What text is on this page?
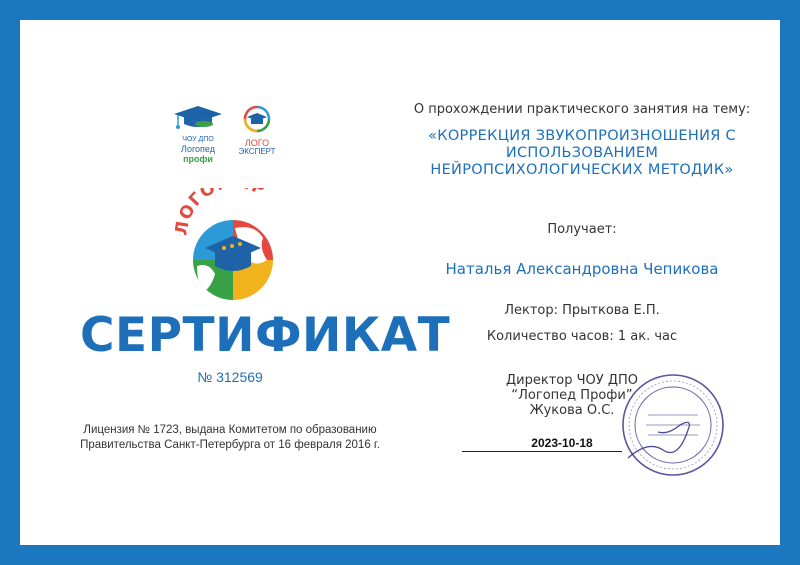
ЧОУ ДПО
Логопед
профи
ЛОГО
ЭКСПЕРТ
ОГО Р
СЕРТИФИКАТ
№ 312569
Лицензия № 1723, выдана Комитетом по образованию
Правительства Санкт-Петербурга от 16 февраля 2016 г.
О прохождении практического занятия на тему:
«КОРРЕКЦИЯ ЗВУКОПРОИЗНОШЕНИЯ С
ИСПОЛЬЗОВАНИЕМ
НЕЙРОПСИХОЛОГИЧЕСКИХ МЕТОДИК»
Получает:
Наталья Александровна Чепикова
Лектор: Прыткова Е.П.
Количество часов: 1 ак. час
Директор ЧОУ ДПО
“Логопед Профи”
Жукова О.С.
2023-10-18
